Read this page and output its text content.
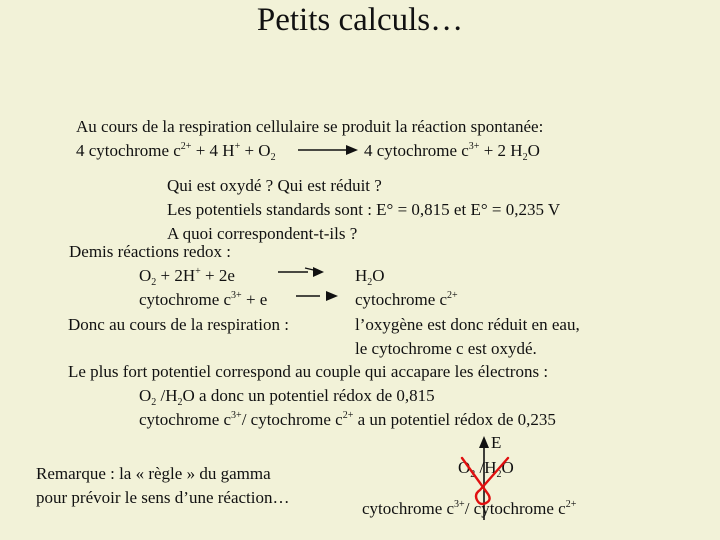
Petits calculs…
Au cours de la respiration cellulaire se produit la réaction spontanée:
4 cytochrome $c^{2+} + 4$ $H^+ + O_2$	4 cytochrome $c^{3+} + 2$ $H_2O$
Qui est oxydé ? Qui est réduit ?
Les potentiels standards sont : E° = 0,815 et E° = 0,235 V
A quoi correspondent-t-ils ?
Demis réactions redox :
$O_2 + 2H^+ + 2e$	$H_2O$
cytochrome $c^{3+} + e$	cytochrome $c^{2+}$
Donc au cours de la respiration :	l’oxygène est donc réduit en eau,
le cytochrome c est oxydé.
Le plus fort potentiel correspond au couple qui accapare les électrons :
$O_2$ $/H_2O$ a donc un potentiel rédox de 0,815
cytochrome $c^{3+}/$ cytochrome $c^{2+}$ a un potentiel rédox de 0,235
Remarque : la « règle » du gamma
pour prévoir le sens d’une réaction…
E
$O_2$ $/H_2O$
cytochrome $c^{3+}/$ cytochrome $c^{2+}$
